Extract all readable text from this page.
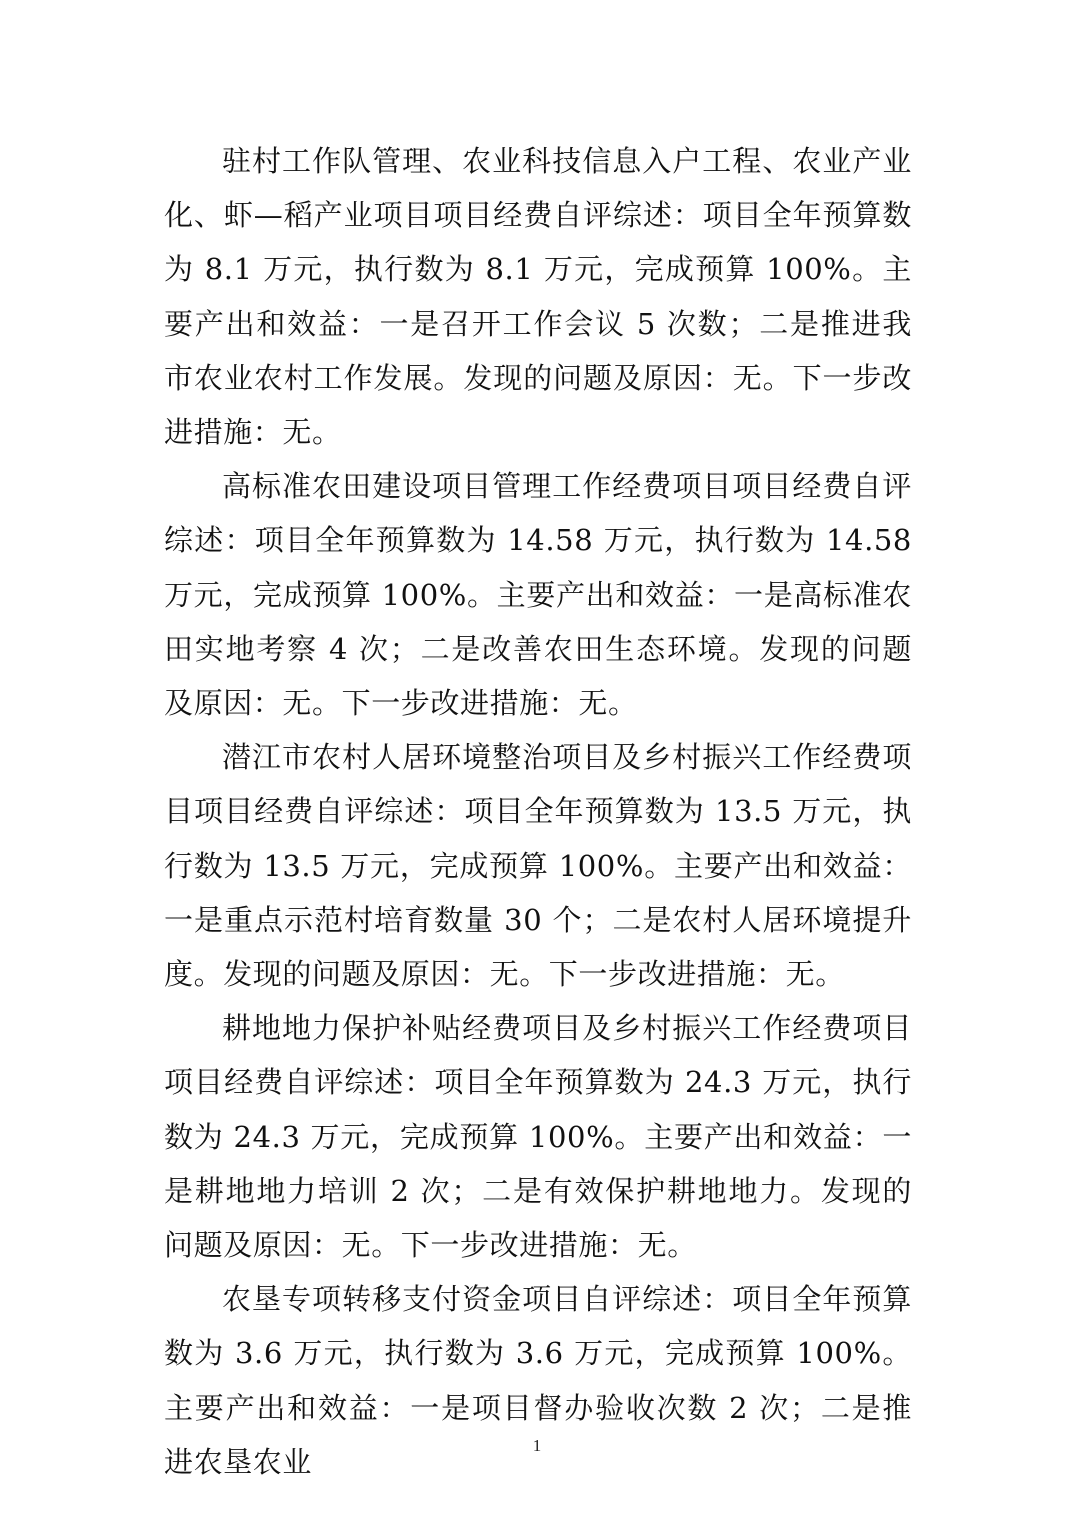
驻村工作队管理、农业科技信息入户工程、农业产业化、虾—稻产业项目项目经费自评综述：项目全年预算数为 8.1 万元，执行数为 8.1 万元，完成预算 100%。主要产出和效益：一是召开工作会议 5 次数；二是推进我市农业农村工作发展。发现的问题及原因：无。下一步改进措施：无。

高标准农田建设项目管理工作经费项目项目经费自评综述：项目全年预算数为 14.58 万元，执行数为 14.58 万元，完成预算 100%。主要产出和效益：一是高标准农田实地考察 4 次；二是改善农田生态环境。发现的问题及原因：无。下一步改进措施：无。

潜江市农村人居环境整治项目及乡村振兴工作经费项目项目经费自评综述：项目全年预算数为 13.5 万元，执行数为 13.5 万元，完成预算 100%。主要产出和效益：一是重点示范村培育数量 30 个；二是农村人居环境提升度。发现的问题及原因：无。下一步改进措施：无。

耕地地力保护补贴经费项目及乡村振兴工作经费项目项目经费自评综述：项目全年预算数为 24.3 万元，执行数为 24.3 万元，完成预算 100%。主要产出和效益：一是耕地地力培训 2 次；二是有效保护耕地地力。发现的问题及原因：无。下一步改进措施：无。

农垦专项转移支付资金项目自评综述：项目全年预算数为 3.6 万元，执行数为 3.6 万元，完成预算 100%。主要产出和效益：一是项目督办验收次数 2 次；二是推进农垦农业	1
